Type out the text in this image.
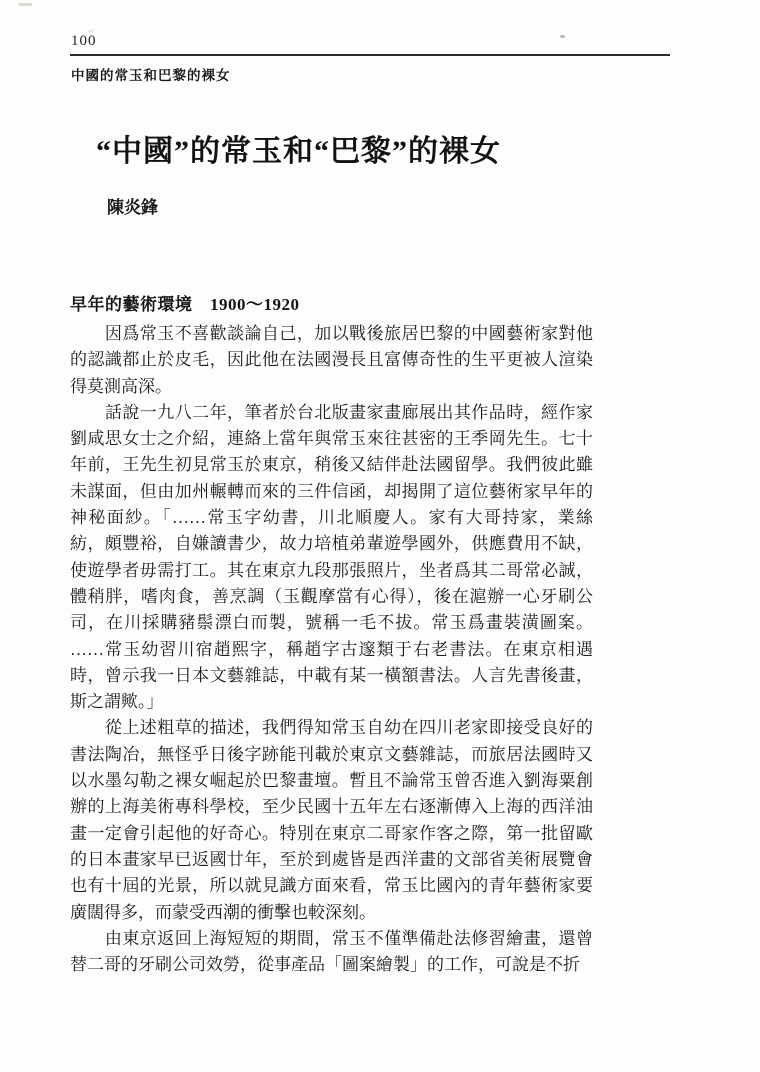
100
中國的常玉和巴黎的裸女
“中國”的常玉和“巴黎”的裸女
陳炎鋒
早年的藝術環境　1900～1920
　　因爲常玉不喜歡談論自己，加以戰後旅居巴黎的中國藝術家對他
的認識都止於皮毛，因此他在法國漫長且富傳奇性的生平更被人渲染
得莫測高深。
　　話說一九八二年，筆者於台北版畫家畫廊展出其作品時，經作家
劉咸思女士之介紹，連絡上當年與常玉來往甚密的王季岡先生。七十
年前，王先生初見常玉於東京，稍後又結伴赴法國留學。我們彼此雖
未謀面，但由加州輾轉而來的三件信函，却揭開了這位藝術家早年的
神秘面紗。「……常玉字幼書，川北順慶人。家有大哥持家，業絲
紡，頗豐裕，自嫌讀書少，故力培植弟輩遊學國外，供應費用不缺，
使遊學者毋需打工。其在東京九段那張照片，坐者爲其二哥常必誠，
體稍胖，嗜肉食，善烹調（玉觀摩當有心得），後在滬辦一心牙刷公
司，在川採購豬鬃漂白而製，號稱一毛不拔。常玉爲畫裝潢圖案。
……常玉幼習川宿趙熙字，稱趙字古邃類于右老書法。在東京相遇
時，曾示我一日本文藝雜誌，中載有某一橫額書法。人言先書後畫，
斯之謂歟。」
　　從上述粗草的描述，我們得知常玉自幼在四川老家即接受良好的
書法陶冶，無怪乎日後字跡能刊載於東京文藝雜誌，而旅居法國時又
以水墨勾勒之裸女崛起於巴黎畫壇。暫且不論常玉曾否進入劉海粟創
辦的上海美術專科學校，至少民國十五年左右逐漸傳入上海的西洋油
畫一定會引起他的好奇心。特別在東京二哥家作客之際，第一批留歐
的日本畫家早已返國廿年，至於到處皆是西洋畫的文部省美術展覽會
也有十屆的光景，所以就見識方面來看，常玉比國內的青年藝術家要
廣闊得多，而蒙受西潮的衝擊也較深刻。
　　由東京返回上海短短的期間，常玉不僅準備赴法修習繪畫，還曾
替二哥的牙刷公司效勞，從事產品「圖案繪製」的工作，可說是不折
